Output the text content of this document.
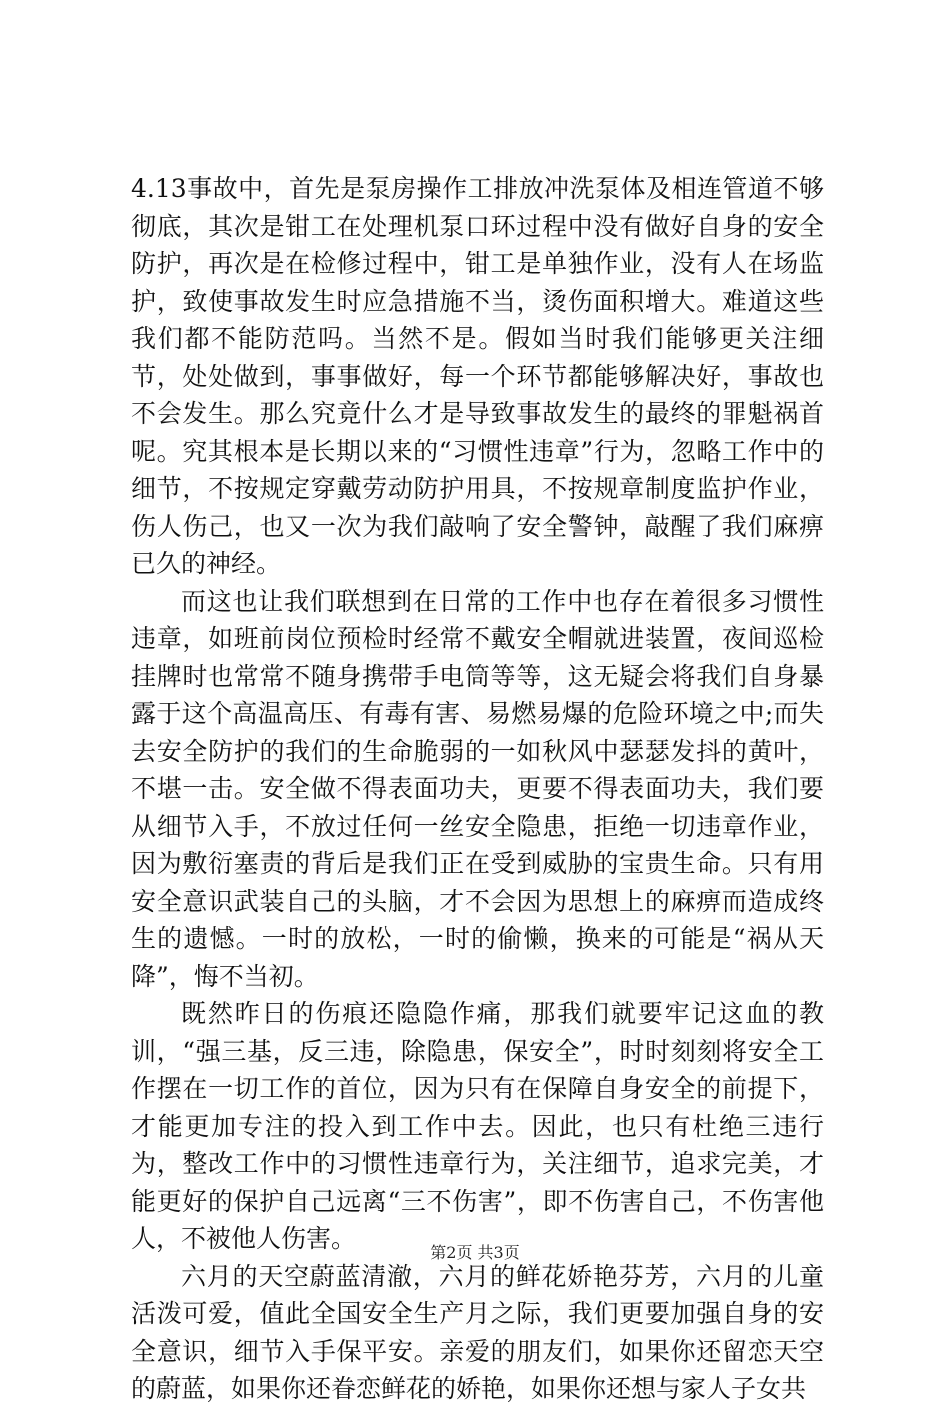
4.13事故中，首先是泵房操作工排放冲洗泵体及相连管道不够彻底，其次是钳工在处理机泵口环过程中没有做好自身的安全防护，再次是在检修过程中，钳工是单独作业，没有人在场监护，致使事故发生时应急措施不当，烫伤面积增大。难道这些我们都不能防范吗。当然不是。假如当时我们能够更关注细节，处处做到，事事做好，每一个环节都能够解决好，事故也不会发生。那么究竟什么才是导致事故发生的最终的罪魁祸首呢。究其根本是长期以来的“习惯性违章”行为，忽略工作中的细节，不按规定穿戴劳动防护用具，不按规章制度监护作业，伤人伤己，也又一次为我们敲响了安全警钟，敲醒了我们麻痹已久的神经。

而这也让我们联想到在日常的工作中也存在着很多习惯性违章，如班前岗位预检时经常不戴安全帽就进装置，夜间巡检挂牌时也常常不随身携带手电筒等等，这无疑会将我们自身暴露于这个高温高压、有毒有害、易燃易爆的危险环境之中;而失去安全防护的我们的生命脆弱的一如秋风中瑟瑟发抖的黄叶，不堪一击。安全做不得表面功夫，更要不得表面功夫，我们要从细节入手，不放过任何一丝安全隐患，拒绝一切违章作业，因为敷衍塞责的背后是我们正在受到威胁的宝贵生命。只有用安全意识武装自己的头脑，才不会因为思想上的麻痹而造成终生的遗憾。一时的放松，一时的偷懒，换来的可能是“祸从天降”，悔不当初。

既然昨日的伤痕还隐隐作痛，那我们就要牢记这血的教训，“强三基，反三违，除隐患，保安全”，时时刻刻将安全工作摆在一切工作的首位，因为只有在保障自身安全的前提下，才能更加专注的投入到工作中去。因此，也只有杜绝三违行为，整改工作中的习惯性违章行为，关注细节，追求完美，才能更好的保护自己远离“三不伤害”，即不伤害自己，不伤害他人，不被他人伤害。

六月的天空蔚蓝清澈，六月的鲜花娇艳芬芳，六月的儿童活泼可爱，值此全国安全生产月之际，我们更要加强自身的安全意识，细节入手保平安。亲爱的朋友们，如果你还留恋天空的蔚蓝，如果你还眷恋鲜花的娇艳，如果你还想与家人子女共

第2页 共3页
